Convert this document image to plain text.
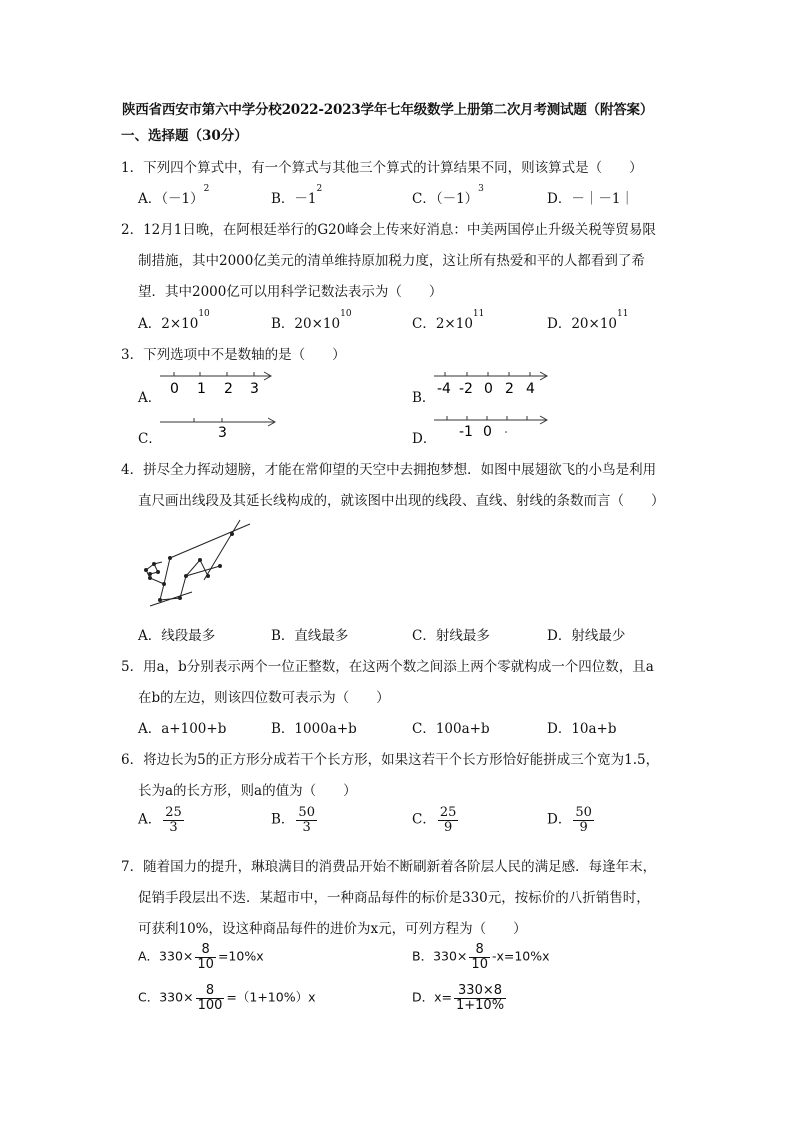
陕西省西安市第六中学分校2022-2023学年七年级数学上册第二次月考测试题（附答案）
一、选择题（30分）
1．下列四个算式中，有一个算式与其他三个算式的计算结果不同，则该算式是（　　）
A．$(-1)^2$
B．$-1^2$
C．$(-1)^3$
D．－｜－1｜
2．12月1日晚，在阿根廷举行的G20峰会上传来好消息：中美两国停止升级关税等贸易限
制措施，其中2000亿美元的清单维持原加税力度，这让所有热爱和平的人都看到了希
望．其中2000亿可以用科学记数法表示为（　　）
A．$2\times 10^{10}$
B．$20\times 10^{10}$
C．$2\times 10^{11}$
D．$20\times 10^{11}$
3．下列选项中不是数轴的是（　　）
A．
0 1 2 3
B．
-4 -2 0 2 4
C．	3	D． -1 0
4．拼尽全力挥动翅膀，才能在常仰望的天空中去拥抱梦想．如图中展翅欲飞的小鸟是利用
直尺画出线段及其延长线构成的，就该图中出现的线段、直线、射线的条数而言（　　）
A．线段最多	B．直线最多	C．射线最多	D．射线最少
5．用a，b分别表示两个一位正整数，在这两个数之间添上两个零就构成一个四位数，且a
在b的左边，则该四位数可表示为（　　）
A．a+100+b	B．1000a+b	C．100a+b	D．10a+b
6．将边长为5的正方形分成若干个长方形，如果这若干个长方形恰好能拼成三个宽为1.5，
长为a的长方形，则a的值为（　　）
A． $\frac{25}{3}$	B． $\frac{50}{3}$	C． $\frac{25}{9}$	D． $\frac{50}{9}$
7．随着国力的提升，琳琅满目的消费品开始不断刷新着各阶层人民的满足感．每逢年末，
促销手段层出不迭．某超市中，一种商品每件的标价是330元，按标价的八折销售时，
可获利10%，设这种商品每件的进价为x元，可列方程为（　　）
A．$330\times \frac{8}{10} =10\%x$	B．$330\times \frac{8}{10} -x=10\%x$
C．$330\times \frac{8}{100} =(1+10\%)x$	D．$x= \frac{330\times 8}{1+10\%}$
